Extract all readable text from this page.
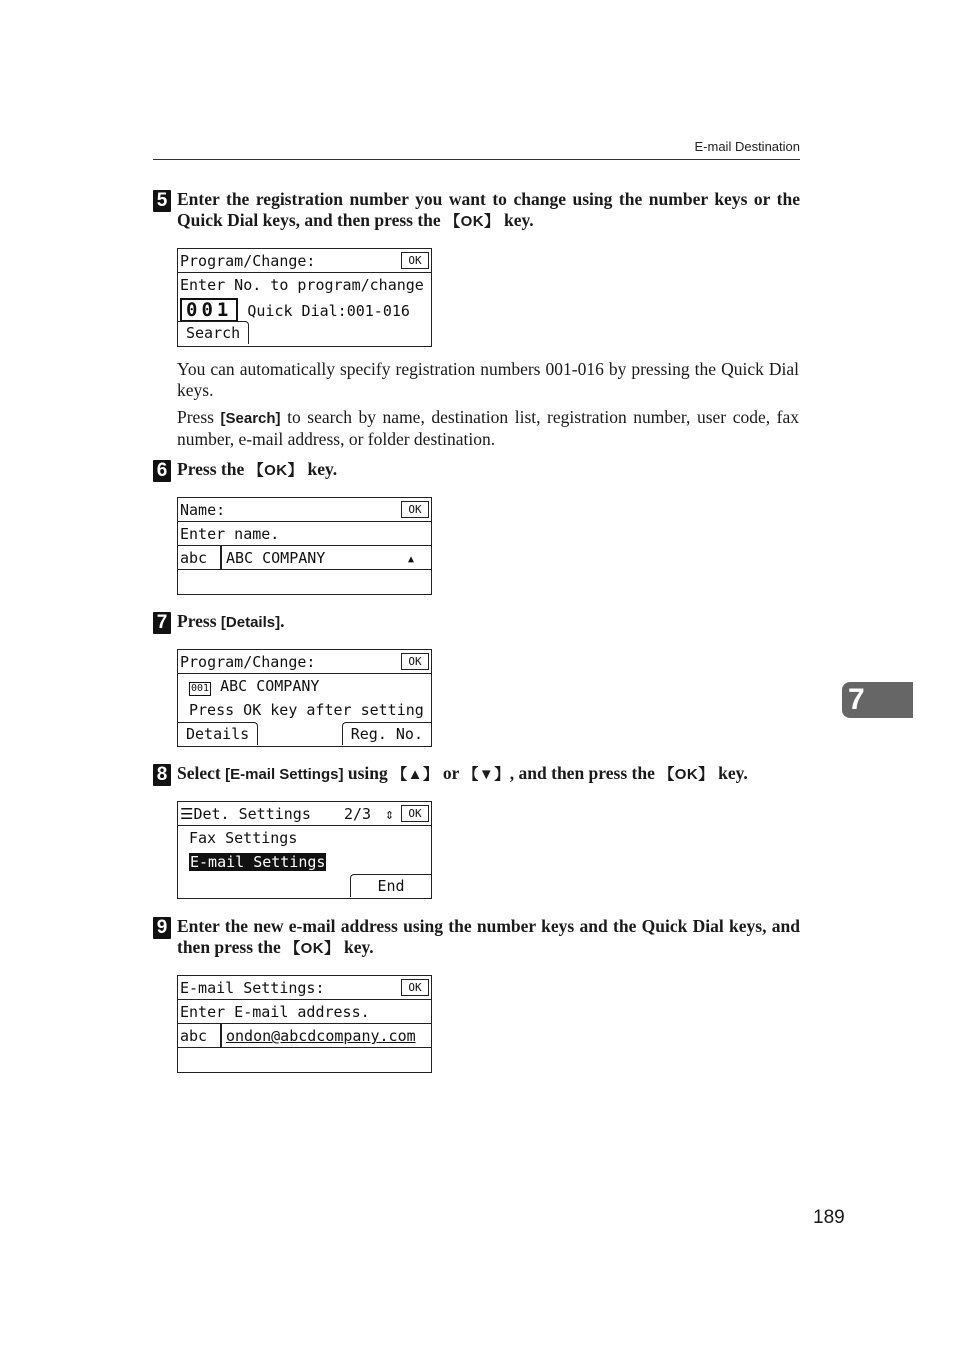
E-mail Destination
5 Enter the registration number you want to change using the number keys or the Quick Dial keys, and then press the 【OK】 key.
Program/Change:	OK
Enter No. to program/change
001 Quick Dial:001-016
Search
You can automatically specify registration numbers 001-016 by pressing the Quick Dial keys.
Press [Search] to search by name, destination list, registration number, user code, fax number, e-mail address, or folder destination.
6 Press the 【OK】 key.
Name:	OK
Enter name.
abc ABC COMPANY	▲
7 Press [Details].
Program/Change:	OK
001 ABC COMPANY
Press OK key after setting
Details	Reg. No.
8 Select [E-mail Settings] using 【▲】 or 【▼】, and then press the 【OK】 key.
☰Det. Settings 2/3 ⇕	OK
Fax Settings
E-mail Settings
End
9 Enter the new e-mail address using the number keys and the Quick Dial keys, and then press the 【OK】 key.
E-mail Settings:	OK
Enter E-mail address.
abc ondon@abcdcompany.com
7
189
